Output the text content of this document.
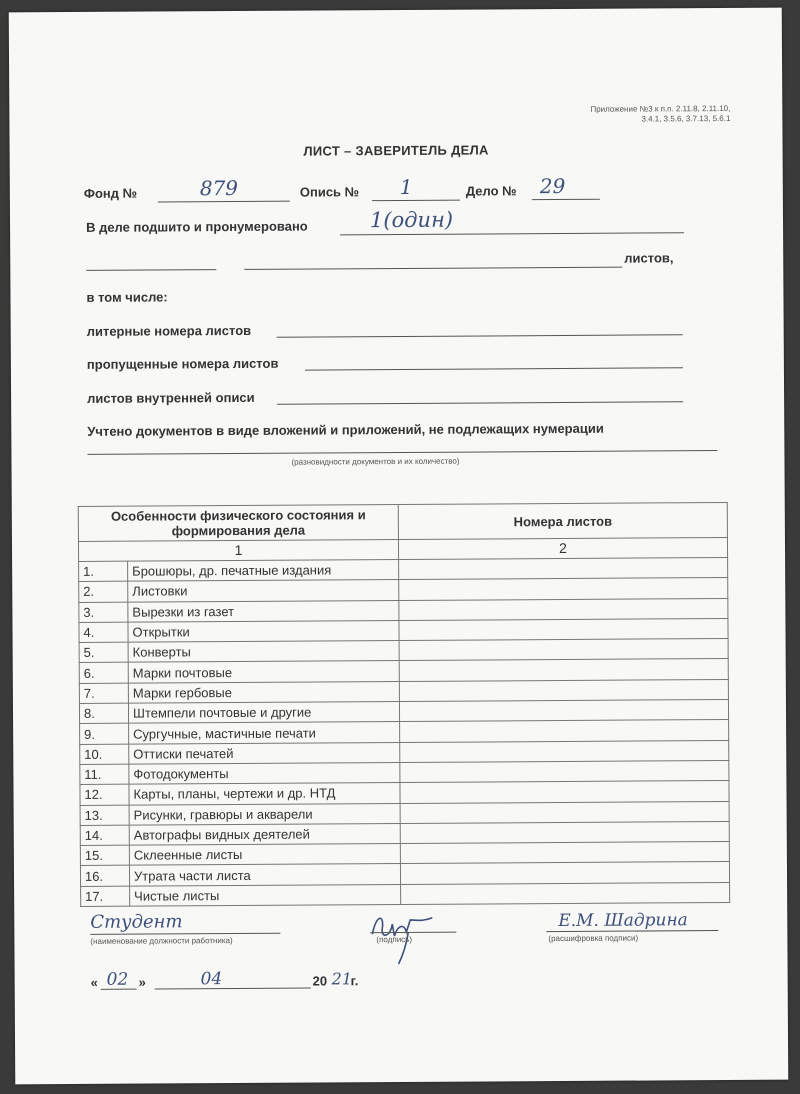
Приложение №3 к п.п. 2.11.8, 2.11.10, 3.4.1, 3.5.6, 3.7.13, 5.6.1
ЛИСТ – ЗАВЕРИТЕЛЬ ДЕЛА
Фонд №	879	Опись № 1	Дело № 29
В деле подшито и пронумеровано	1(один)
листов,
в том числе:
литерные номера листов
пропущенные номера листов
листов внутренней описи
Учтено документов в виде вложений и приложений, не подлежащих нумерации
(разновидности документов и их количество)
Особенности физического состояния и формирования дела		Номера листов
1		2
1.	Брошюры, др. печатные издания	
2.	Листовки	
3.	Вырезки из газет	
4.	Открытки	
5.	Конверты	
6.	Марки почтовые	
7.	Марки гербовые	
8.	Штемпели почтовые и другие	
9.	Сургучные, мастичные печати	
10.	Оттиски печатей	
11.	Фотодокументы	
12.	Карты, планы, чертежи и др. НТД	
13.	Рисунки, гравюры и акварели	
14.	Автографы видных деятелей	
15.	Склеенные листы	
16.	Утрата части листа	
17.	Чистые листы	
Студент
(наименование должности работника)	(подпись)
Е.М. Шадрина
(расшифровка подписи)
« 02 »	04	20 21
г.
